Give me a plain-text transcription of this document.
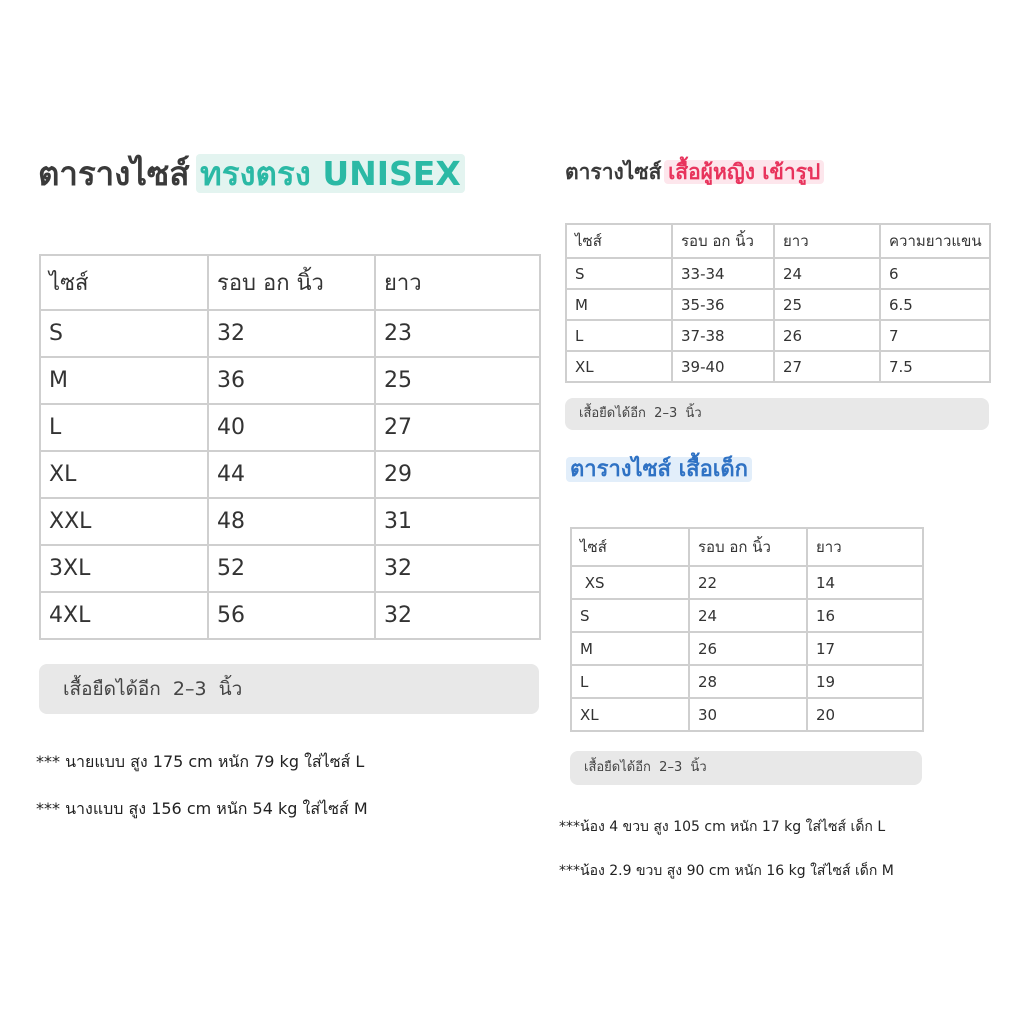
ตารางไซส์ ทรงตรง UNISEX
ไซส์	รอบ อก นิ้ว	ยาว
S	32	23
M	36	25
L	40	27
XL	44	29
XXL	48	31
3XL	52	32
4XL	56	32
เสื้อยืดได้อีก  2–3  นิ้ว
*** นายแบบ สูง 175 cm หนัก 79 kg ใส่ไซส์ L
*** นางแบบ สูง 156 cm หนัก 54 kg ใส่ไซส์ M
ตารางไซส์ เสื้อผู้หญิง เข้ารูป
ไซส์	รอบ อก นิ้ว	ยาว	ความยาวแขน
S	33-34	24	6
M	35-36	25	6.5
L	37-38	26	7
XL	39-40	27	7.5
เสื้อยืดได้อีก  2–3  นิ้ว
ตารางไซส์ เสื้อเด็ก
ไซส์	รอบ อก นิ้ว	ยาว
XS	22	14
S	24	16
M	26	17
L	28	19
XL	30	20
เสื้อยืดได้อีก  2–3  นิ้ว
***น้อง 4 ขวบ สูง 105 cm หนัก 17 kg ใส่ไซส์ เด็ก L
***น้อง 2.9 ขวบ สูง 90 cm หนัก 16 kg ใส่ไซส์ เด็ก M
